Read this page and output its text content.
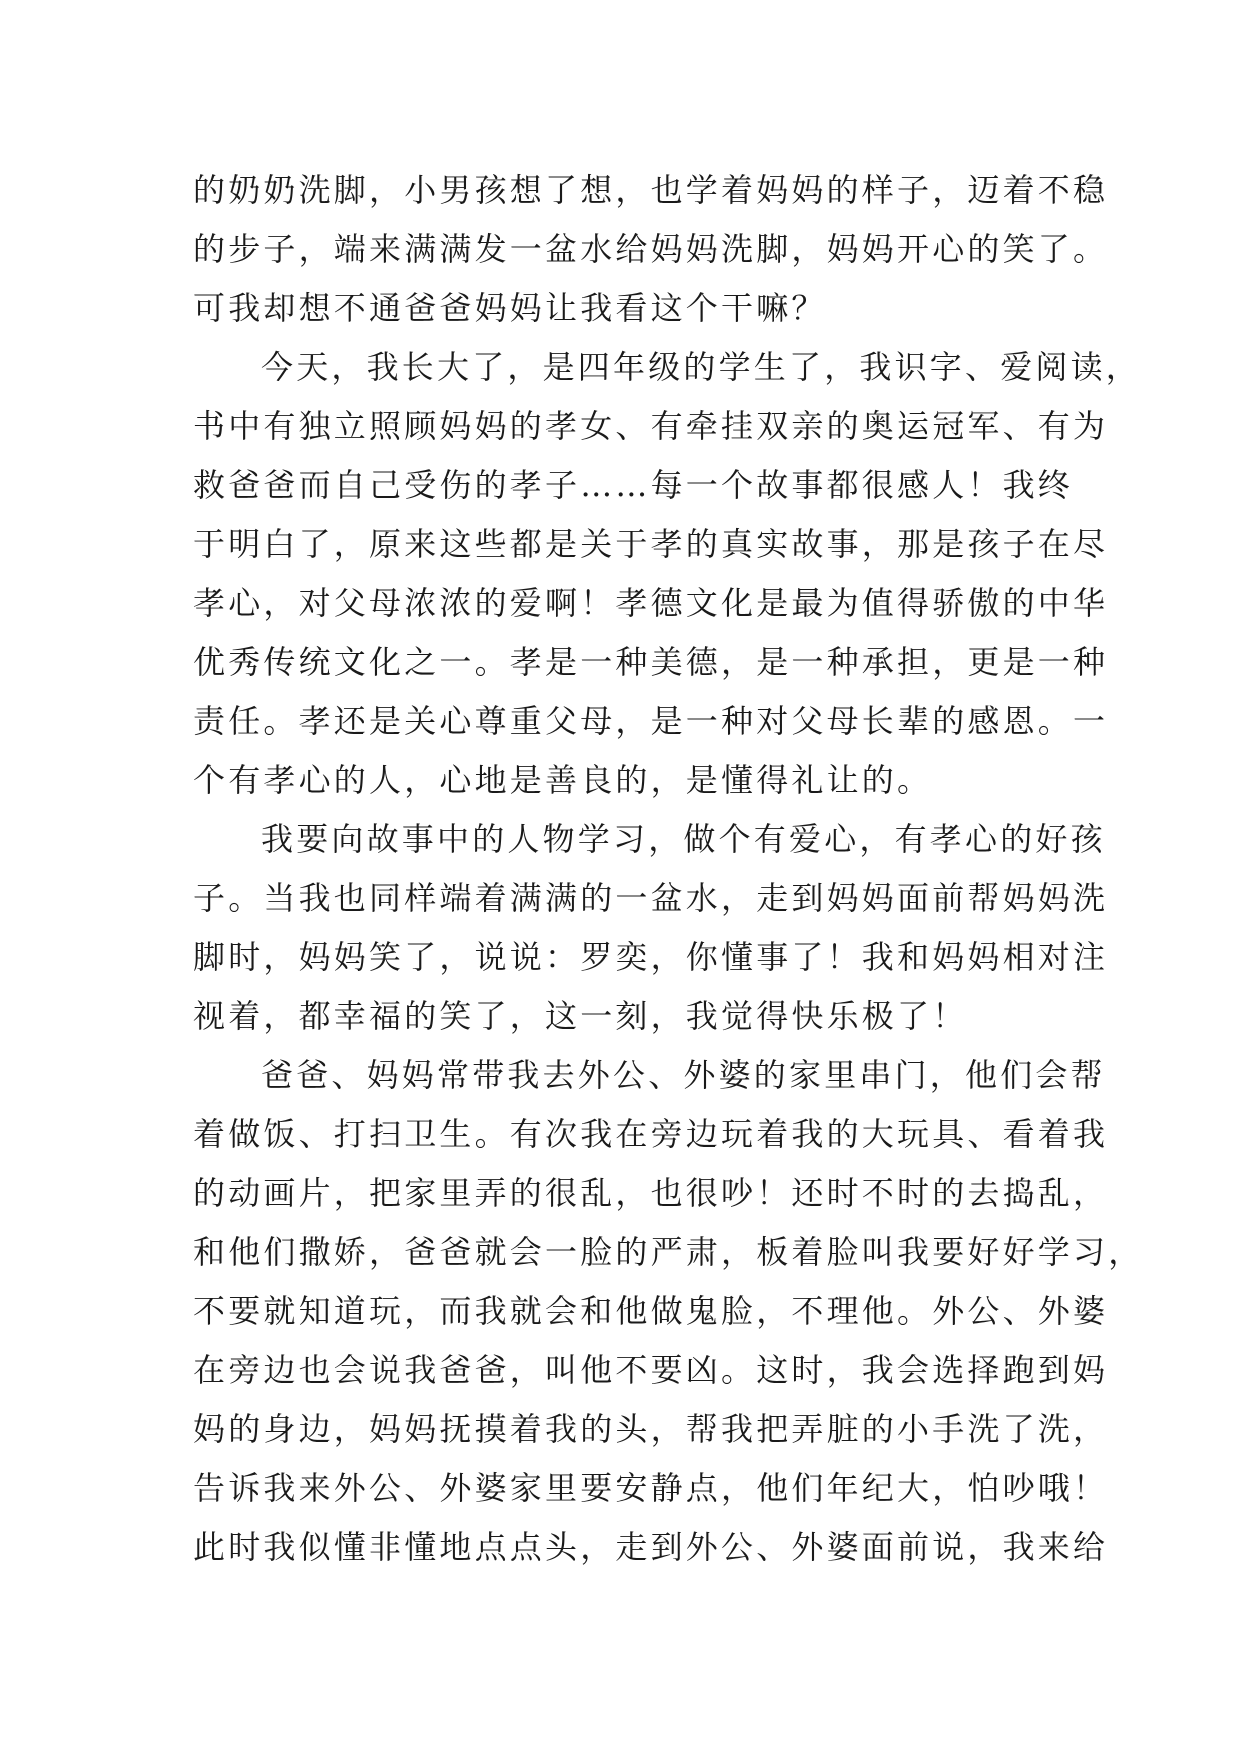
的奶奶洗脚，小男孩想了想，也学着妈妈的样子，迈着不稳
的步子，端来满满发一盆水给妈妈洗脚，妈妈开心的笑了。
可我却想不通爸爸妈妈让我看这个干嘛？
今天，我长大了，是四年级的学生了，我识字、爱阅读，
书中有独立照顾妈妈的孝女、有牵挂双亲的奥运冠军、有为
救爸爸而自己受伤的孝子……每一个故事都很感人！我终
于明白了，原来这些都是关于孝的真实故事，那是孩子在尽
孝心，对父母浓浓的爱啊！孝德文化是最为值得骄傲的中华
优秀传统文化之一。孝是一种美德，是一种承担，更是一种
责任。孝还是关心尊重父母，是一种对父母长辈的感恩。一
个有孝心的人，心地是善良的，是懂得礼让的。
我要向故事中的人物学习，做个有爱心，有孝心的好孩
子。当我也同样端着满满的一盆水，走到妈妈面前帮妈妈洗
脚时，妈妈笑了，说说：罗奕，你懂事了！我和妈妈相对注
视着，都幸福的笑了，这一刻，我觉得快乐极了！
爸爸、妈妈常带我去外公、外婆的家里串门，他们会帮
着做饭、打扫卫生。有次我在旁边玩着我的大玩具、看着我
的动画片，把家里弄的很乱，也很吵！还时不时的去捣乱，
和他们撒娇，爸爸就会一脸的严肃，板着脸叫我要好好学习，
不要就知道玩，而我就会和他做鬼脸，不理他。外公、外婆
在旁边也会说我爸爸，叫他不要凶。这时，我会选择跑到妈
妈的身边，妈妈抚摸着我的头，帮我把弄脏的小手洗了洗，
告诉我来外公、外婆家里要安静点，他们年纪大，怕吵哦！
此时我似懂非懂地点点头，走到外公、外婆面前说，我来给
